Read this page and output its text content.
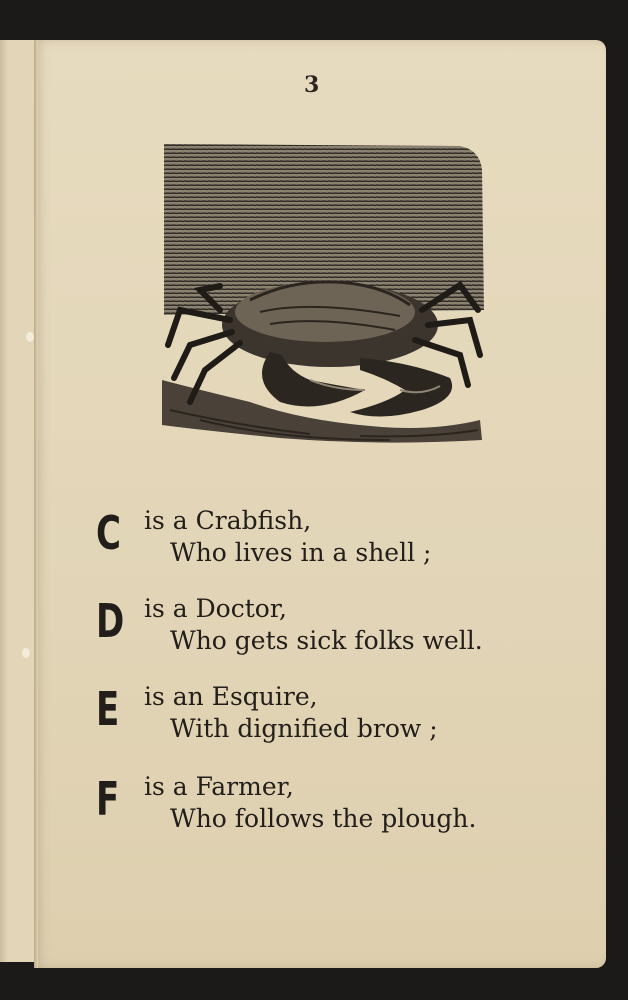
3
C is a Crabfish,
Who lives in a shell ;
D is a Doctor,
Who gets sick folks well.
E is an Esquire,
With dignified brow ;
F is a Farmer,
Who follows the plough.
